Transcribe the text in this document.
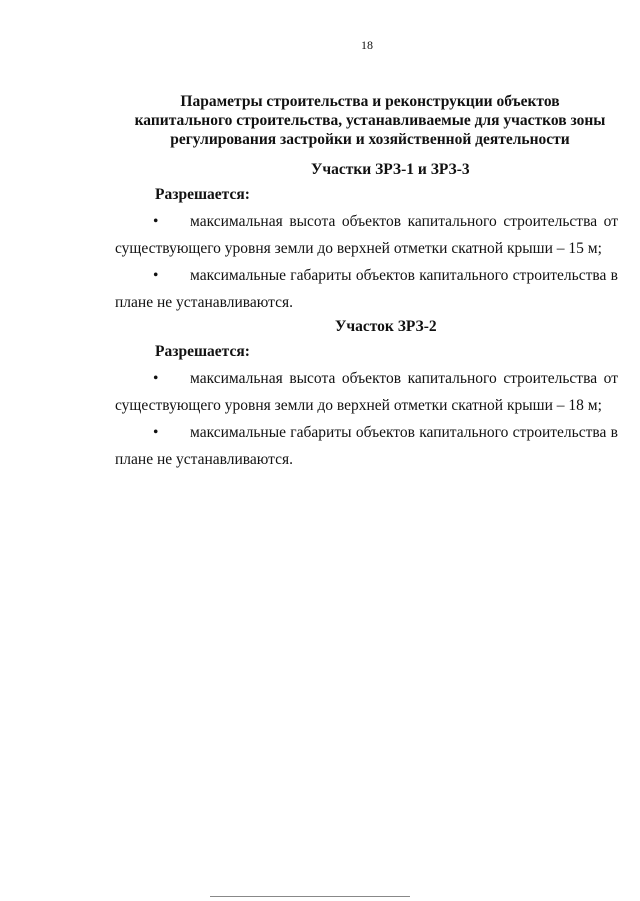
18
Параметры строительства и реконструкции объектов
капитального строительства, устанавливаемые для участков зоны
регулирования застройки и хозяйственной деятельности
Участки ЗРЗ-1 и ЗРЗ-3
Разрешается:
• максимальная высота объектов капитального строительства от
существующего уровня земли до верхней отметки скатной крыши – 15 м;
• максимальные габариты объектов капитального строительства в
плане не устанавливаются.
Участок ЗРЗ-2
Разрешается:
• максимальная высота объектов капитального строительства от
существующего уровня земли до верхней отметки скатной крыши – 18 м;
• максимальные габариты объектов капитального строительства в
плане не устанавливаются.
